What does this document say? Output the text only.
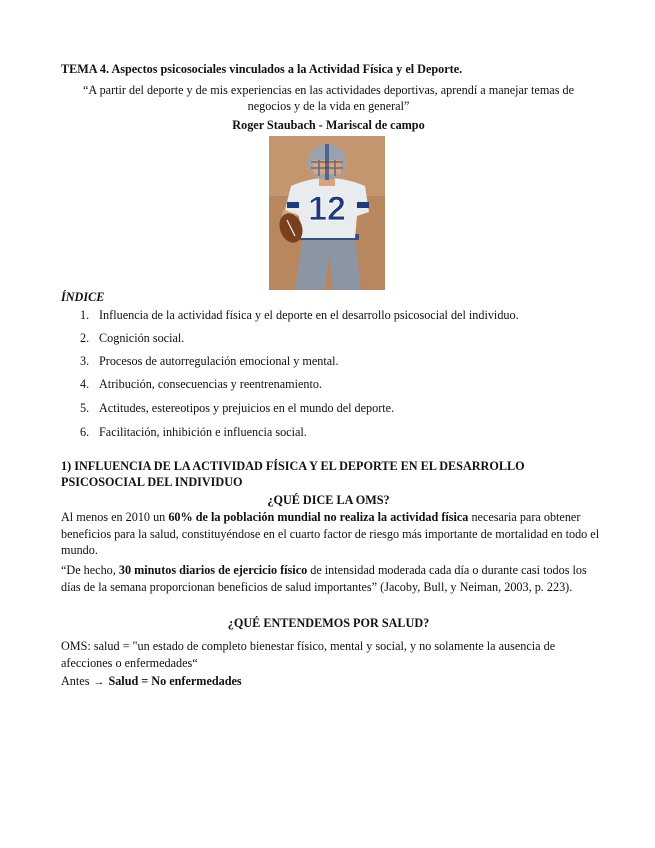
TEMA 4. Aspectos psicosociales vinculados a la Actividad Física y el Deporte.
“A partir del deporte y de mis experiencias en las actividades deportivas, aprendí a manejar temas de negocios y de la vida en general”
Roger Staubach - Mariscal de campo
12
ÍNDICE
1. Influencia de la actividad física y el deporte en el desarrollo psicosocial del individuo.
2. Cognición social.
3. Procesos de autorregulación emocional y mental.
4. Atribución, consecuencias y reentrenamiento.
5. Actitudes, estereotipos y prejuicios en el mundo del deporte.
6. Facilitación, inhibición e influencia social.
1) INFLUENCIA DE LA ACTIVIDAD FÍSICA Y EL DEPORTE EN EL DESARROLLO PSICOSOCIAL DEL INDIVIDUO
¿QUÉ DICE LA OMS?
Al menos en 2010 un 60% de la población mundial no realiza la actividad física necesaria para obtener beneficios para la salud, constituyéndose en el cuarto factor de riesgo más importante de mortalidad en todo el mundo.
“De hecho, 30 minutos diarios de ejercicio físico de intensidad moderada cada día o durante casi todos los días de la semana proporcionan beneficios de salud importantes” (Jacoby, Bull, y Neiman, 2003, p. 223).
¿QUÉ ENTENDEMOS POR SALUD?
OMS: salud = "un estado de completo bienestar físico, mental y social, y no solamente la ausencia de afecciones o enfermedades“
Antes → Salud = No enfermedades
